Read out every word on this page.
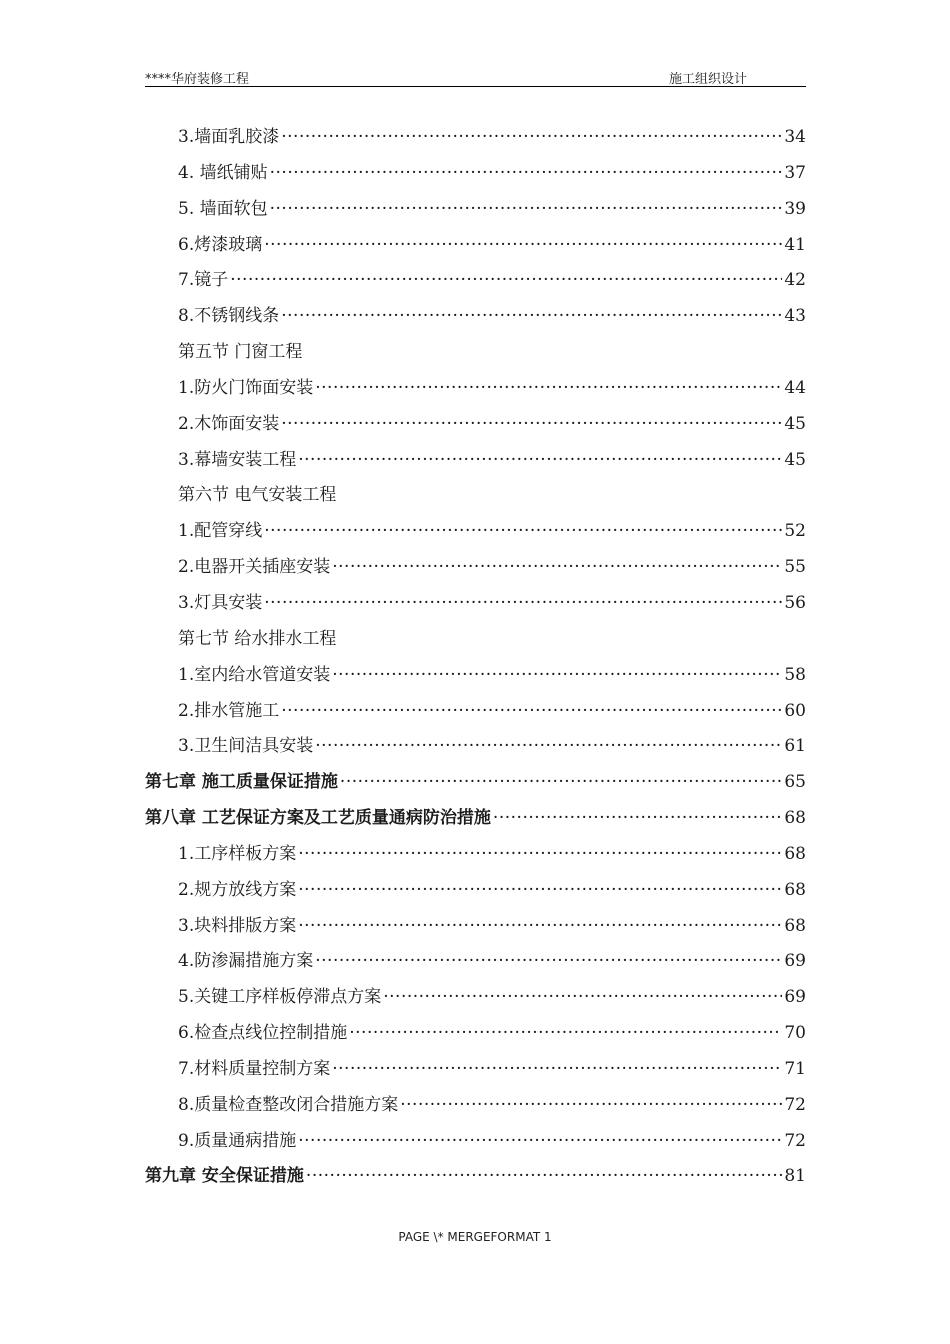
****华府装修工程	施工组织设计
3.墙面乳胶漆 ·····	34
4. 墙纸铺贴 ·····	37
5. 墙面软包 ·····	39
6.烤漆玻璃 ·····	41
7.镜子 ·····	42
8.不锈钢线条 ·····	43
第五节 门窗工程
1.防火门饰面安装 ·····	44
2.木饰面安装 ·····	45
3.幕墙安装工程 ·····	45
第六节 电气安装工程
1.配管穿线 ·····	52
2.电器开关插座安装 ·····	55
3.灯具安装 ·····	56
第七节 给水排水工程
1.室内给水管道安装 ·····	58
2.排水管施工 ·····	60
3.卫生间洁具安装 ·····	61
第七章 施工质量保证措施 ·····	65
第八章 工艺保证方案及工艺质量通病防治措施 ·····	68
1.工序样板方案 ·····	68
2.规方放线方案 ·····	68
3.块料排版方案 ·····	68
4.防渗漏措施方案 ·····	69
5.关键工序样板停滞点方案 ·····	69
6.检查点线位控制措施 ·····	70
7.材料质量控制方案 ·····	71
8.质量检查整改闭合措施方案 ·····	72
9.质量通病措施 ·····	72
第九章 安全保证措施 ·····	81
PAGE \* MERGEFORMAT 1
